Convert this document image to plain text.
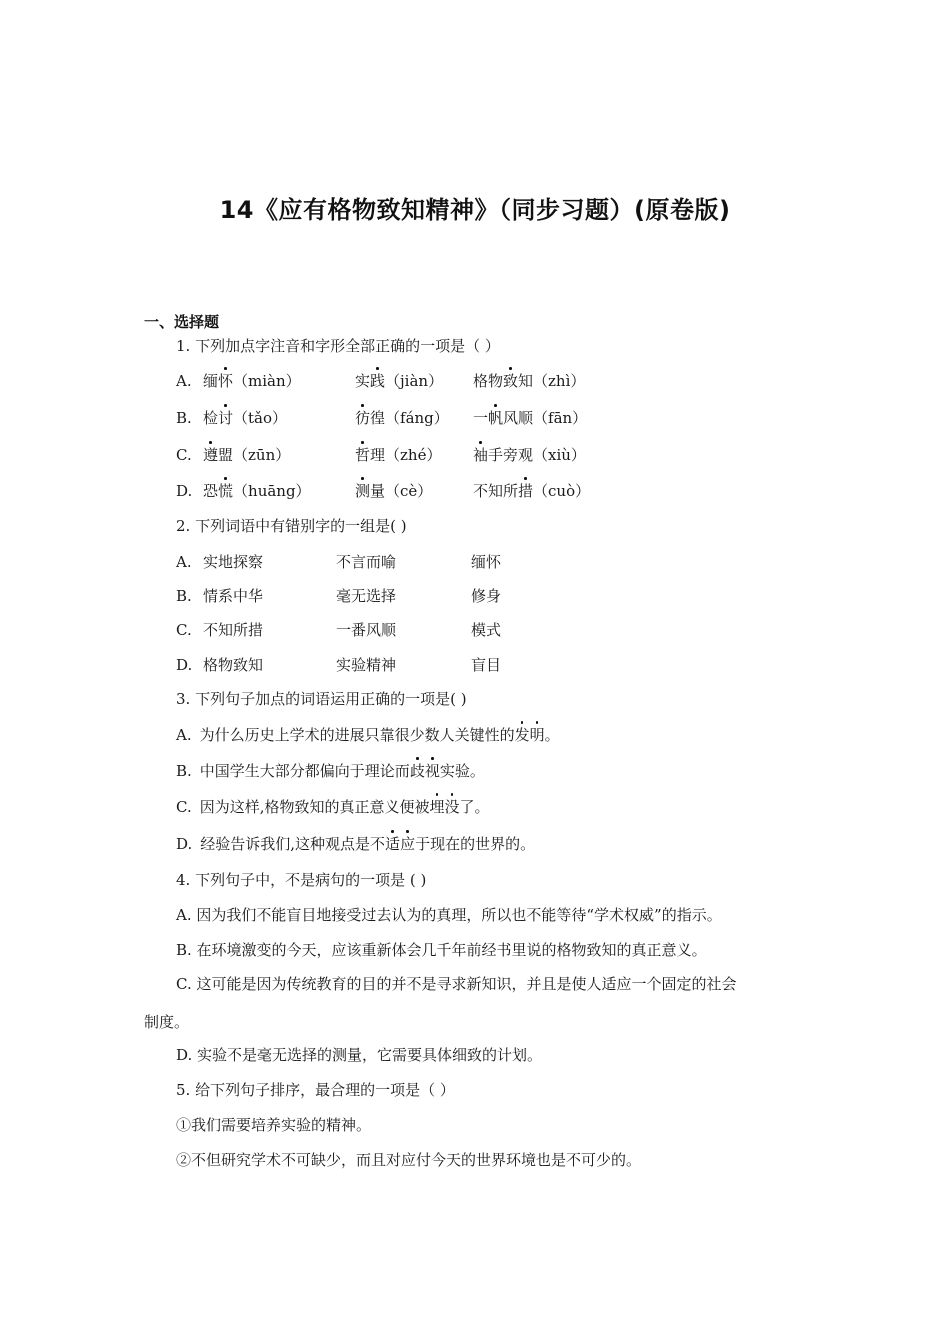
14《应有格物致知精神》（同步习题）(原卷版)
一、选择题
1. 下列加点字注音和字形全部正确的一项是（ ）
A. 缅怀（miàn）	实践（jiàn） 格物致知（zhì）
B. 检讨（tǎo）	彷徨（fáng） 一帆风顺（fān）
C. 遵盟（zūn）	哲理（zhé） 袖手旁观（xiù）
D. 恐慌（huāng）	测量（cè）	不知所措（cuò）
2. 下列词语中有错别字的一组是( )
A. 实地探察	不言而喻	缅怀
B. 情系中华	毫无选择	修身
C. 不知所措	一番风顺	模式
D. 格物致知	实验精神	盲目
3. 下列句子加点的词语运用正确的一项是( )
A. 为什么历史上学术的进展只靠很少数人关键性的发明。
B. 中国学生大部分都偏向于理论而歧视实验。
C. 因为这样,格物致知的真正意义便被埋没了。
D. 经验告诉我们,这种观点是不适应于现在的世界的。
4. 下列句子中，不是病句的一项是 ( )
A. 因为我们不能盲目地接受过去认为的真理，所以也不能等待“学术权威”的指示。
B. 在环境激变的今天，应该重新体会几千年前经书里说的格物致知的真正意义。
C. 这可能是因为传统教育的目的并不是寻求新知识，并且是使人适应一个固定的社会
制度。
D. 实验不是毫无选择的测量，它需要具体细致的计划。
5. 给下列句子排序，最合理的一项是（ ）
①我们需要培养实验的精神。
②不但研究学术不可缺少，而且对应付今天的世界环境也是不可少的。
